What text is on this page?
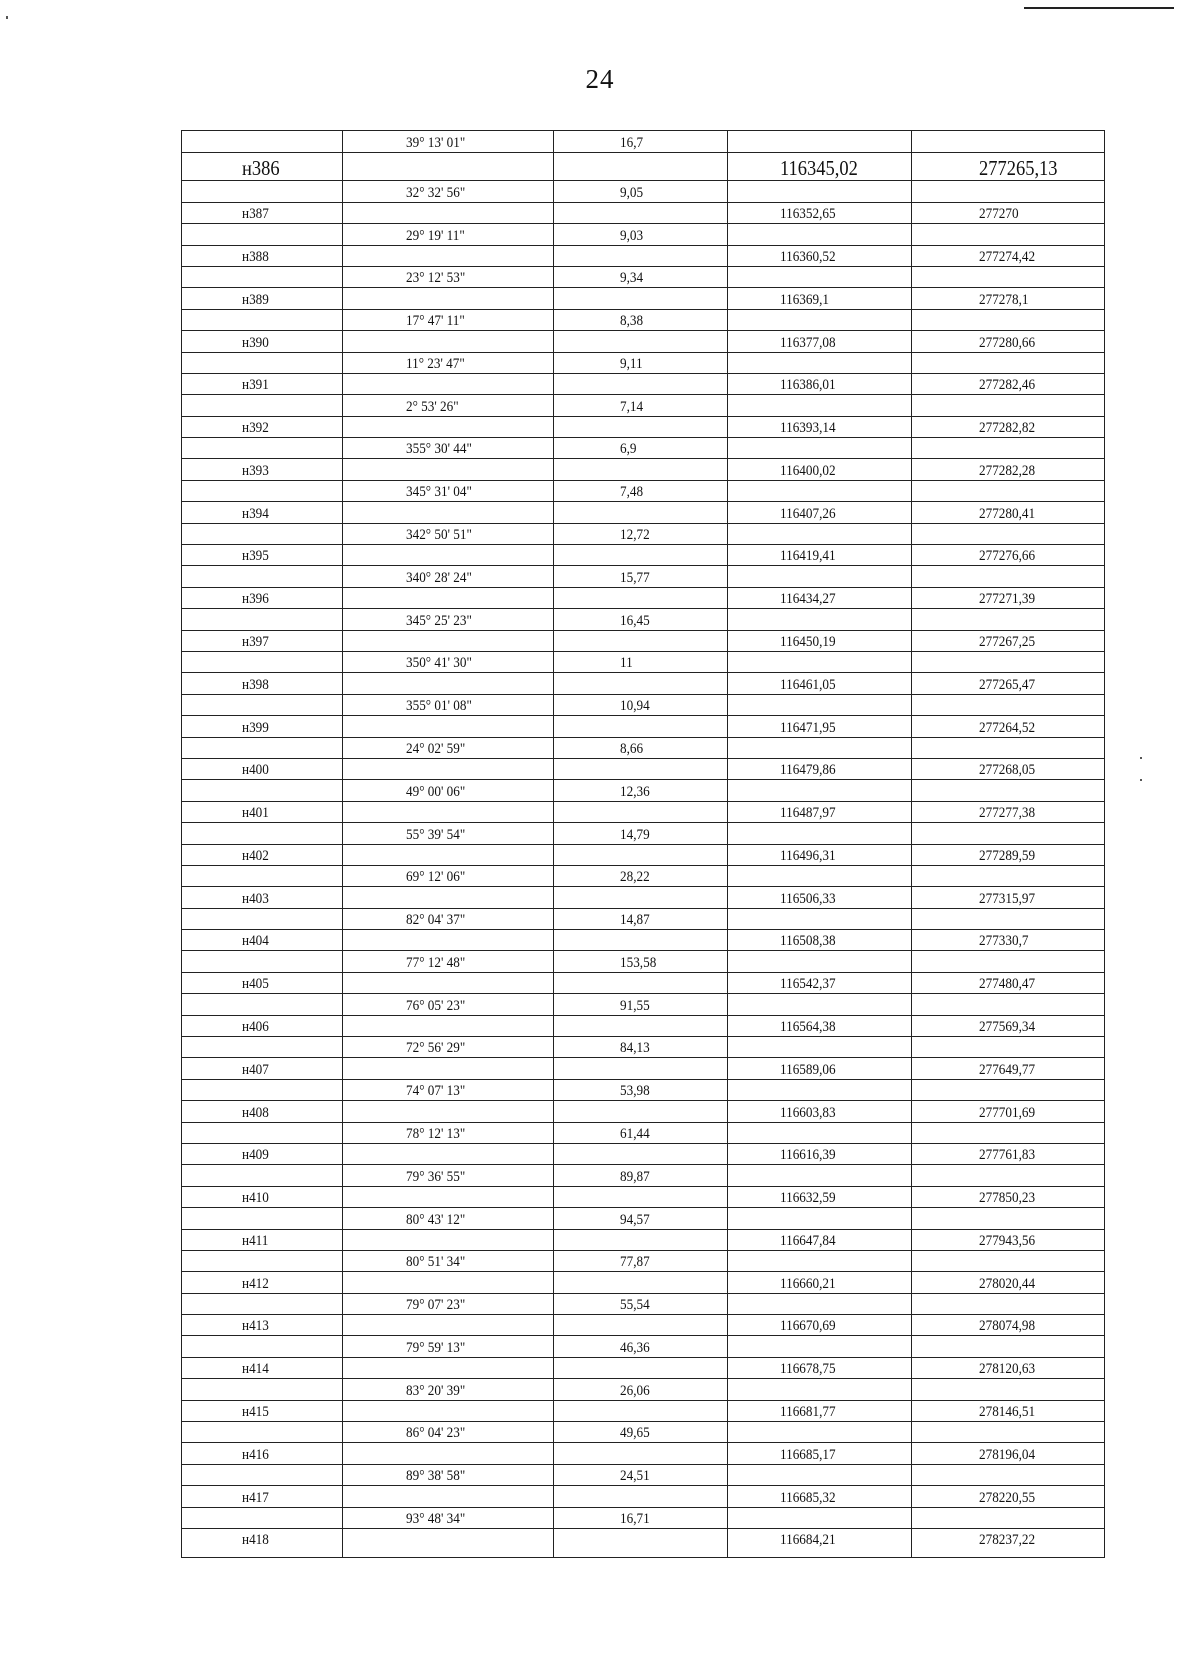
24
39° 13' 01"	16,7
н386	116345,02	277265,13
32° 32' 56"	9,05
н387	116352,65	277270
29° 19' 11"	9,03
н388	116360,52	277274,42
23° 12' 53"	9,34
н389	116369,1	277278,1
17° 47' 11"	8,38
н390	116377,08	277280,66
11° 23' 47"	9,11
н391	116386,01	277282,46
2° 53' 26"	7,14
н392	116393,14	277282,82
355° 30' 44"	6,9
н393	116400,02	277282,28
345° 31' 04"	7,48
н394	116407,26	277280,41
342° 50' 51"	12,72
н395	116419,41	277276,66
340° 28' 24"	15,77
н396	116434,27	277271,39
345° 25' 23"	16,45
н397	116450,19	277267,25
350° 41' 30"	11
н398	116461,05	277265,47
355° 01' 08"	10,94
н399	116471,95	277264,52
24° 02' 59"	8,66
н400	116479,86	277268,05
49° 00' 06"	12,36
н401	116487,97	277277,38
55° 39' 54"	14,79
н402	116496,31	277289,59
69° 12' 06"	28,22
н403	116506,33	277315,97
82° 04' 37"	14,87
н404	116508,38	277330,7
77° 12' 48"	153,58
н405	116542,37	277480,47
76° 05' 23"	91,55
н406	116564,38	277569,34
72° 56' 29"	84,13
н407	116589,06	277649,77
74° 07' 13"	53,98
н408	116603,83	277701,69
78° 12' 13"	61,44
н409	116616,39	277761,83
79° 36' 55"	89,87
н410	116632,59	277850,23
80° 43' 12"	94,57
н411	116647,84	277943,56
80° 51' 34"	77,87
н412	116660,21	278020,44
79° 07' 23"	55,54
н413	116670,69	278074,98
79° 59' 13"	46,36
н414	116678,75	278120,63
83° 20' 39"	26,06
н415	116681,77	278146,51
86° 04' 23"	49,65
н416	116685,17	278196,04
89° 38' 58"	24,51
н417	116685,32	278220,55
93° 48' 34"	16,71
н418	116684,21	278237,22
